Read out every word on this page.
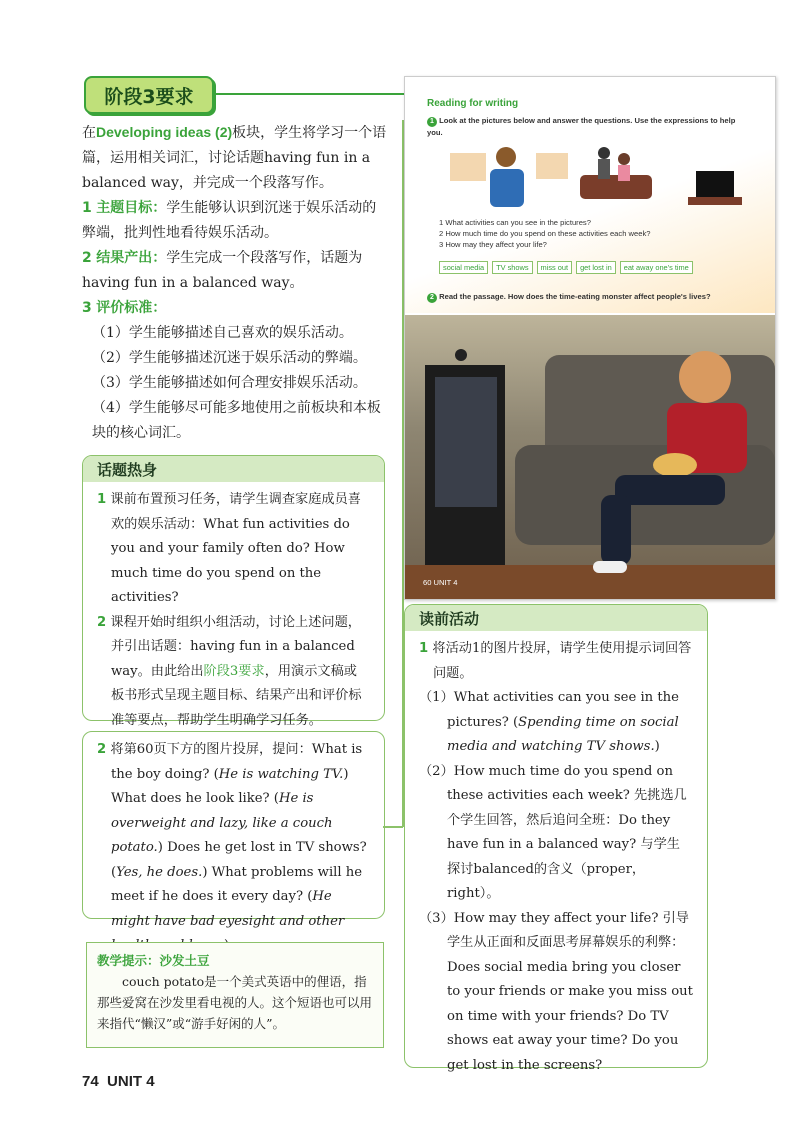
阶段3要求

在Developing ideas (2)板块，学生将学习一个语篇，运用相关词汇，讨论话题having fun in a balanced way，并完成一个段落写作。

1 主题目标：学生能够认识到沉迷于娱乐活动的弊端，批判性地看待娱乐活动。

2 结果产出：学生完成一个段落写作，话题为having fun in a balanced way。

3 评价标准：

（1）学生能够描述自己喜欢的娱乐活动。

（2）学生能够描述沉迷于娱乐活动的弊端。

（3）学生能够描述如何合理安排娱乐活动。

（4）学生能够尽可能多地使用之前板块和本板块的核心词汇。

话题热身

1 课前布置预习任务，请学生调查家庭成员喜欢的娱乐活动：What fun activities do you and your family often do? How much time do you spend on the activities?

2 课程开始时组织小组活动，讨论上述问题，并引出话题：having fun in a balanced way。由此给出阶段3要求，用演示文稿或板书形式呈现主题目标、结果产出和评价标准等要点，帮助学生明确学习任务。

2 将第60页下方的图片投屏，提问：What is the boy doing? (He is watching TV.) What does he look like? (He is overweight and lazy, like a couch potato.) Does he get lost in TV shows? (Yes, he does.) What problems will he meet if he does it every day? (He might have bad eyesight and other

教学提示：沙发土豆
couch potato是一个美式英语中的俚语，指那些爱窝在沙发里看电视的人。这个短语也可以用来指代“懒汉”或“游手好闲的人”。
Reading for writing
1 Look at the pictures below and answer the questions. Use the expressions to help you.
1 What activities can you see in the pictures?
2 How much time do you spend on these activities each week?
3 How may they affect your life?
social media TV shows miss out get lost in eat away one's time
2 Read the passage. How does the time-eating monster affect people's lives?
60 UNIT 4
读前活动

1 将活动1的图片投屏，请学生使用提示词回答问题。

（1）What activities can you see in the pictures? (Spending time on social media and watching TV shows.)

（2）How much time do you spend on these activities each week? 先挑选几个学生回答，然后追问全班：Do they have fun in a balanced way? 与学生探讨balanced的含义（proper，right）。

（3）How may they affect your life? 引导学生从正面和反面思考屏幕娱乐的利弊：Does social media bring you closer to your friends or make you miss out on time with your friends? Do TV shows eat away your time? Do you get lost in the screens?

74 UNIT 4
